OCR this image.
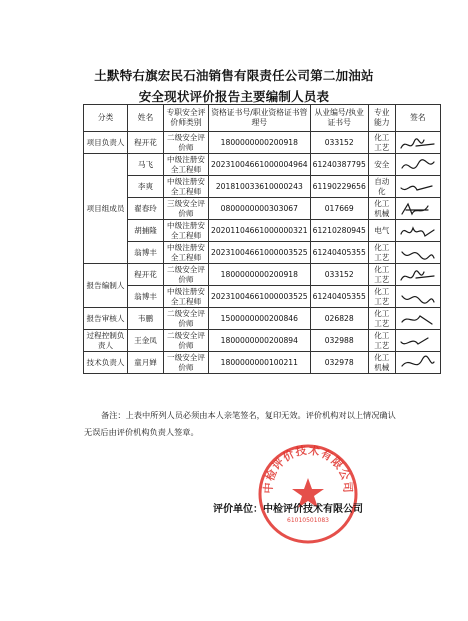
土默特右旗宏民石油销售有限责任公司第二加油站
安全现状评价报告主要编制人员表
分类	姓名	专职安全评价师类别	资格证书号/职业资格证书管理号	从业编号/执业证书号	专业能力	签名
项目负责人	程开花	二级安全评价师	1800000000200918	033152	化工工艺	

项目组成员	马飞	中级注册安全工程师	20231004661000004964	61240387795	安全	

	李爽	中级注册安全工程师	201810033610000243	61190229656	自动化	

	翟春玲	三级安全评价师	0800000000303067	017669	化工机械	

	胡捕隆	中级注册安全工程师	20201104661000000321	61210280945	电气	

	翁博丰	中级注册安全工程师	20231004661000003525	61240405355	化工工艺	

报告编制人	程开花	二级安全评价师	1800000000200918	033152	化工工艺	

	翁博丰	中级注册安全工程师	20231004661000003525	61240405355	化工工艺	

报告审核人	韦鹏	二级安全评价师	1500000000200846	026828	化工工艺	

过程控制负责人	王金凤	二级安全评价师	1800000000200894	032988	化工工艺	

技术负责人	童月婵	一级安全评价师	1800000000100211	032978	化工机械	
备注：上表中所列人员必须由本人亲笔签名，复印无效。评价机构对以上情况确认
无误后由评价机构负责人签章。
中检评价技术有限公司
61010501083
评价单位：中检评价技术有限公司
